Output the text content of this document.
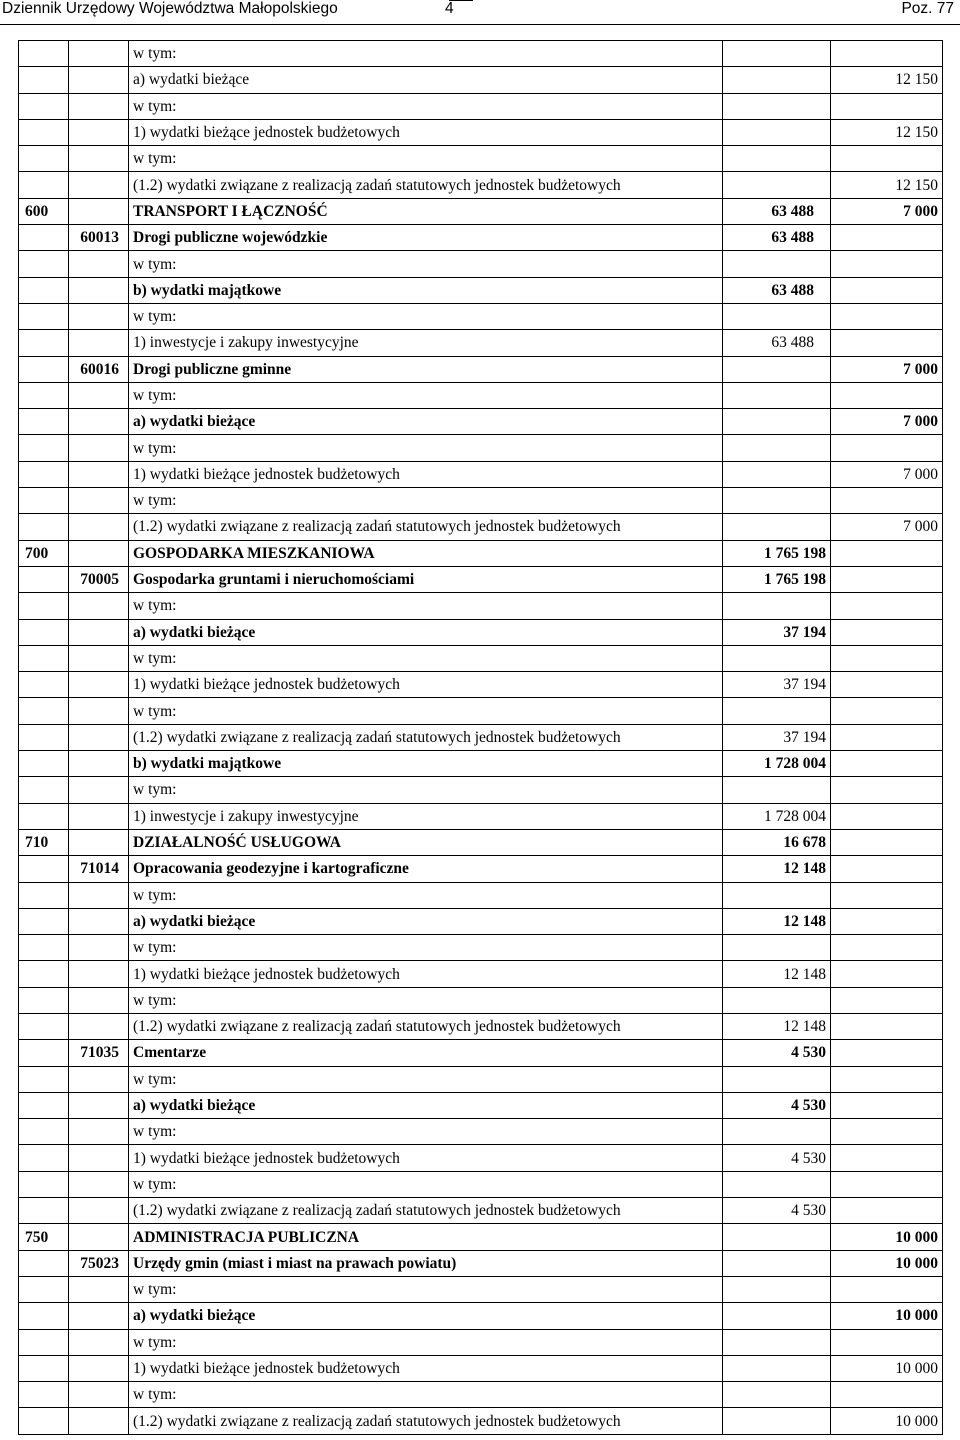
Dziennik Urzędowy Województwa Małopolskiego	4	Poz. 77
		w tym:			
		a) wydatki bieżące			12 150
		w tym:			
		1) wydatki bieżące jednostek budżetowych			12 150
		w tym:			
		(1.2) wydatki związane z realizacją zadań statutowych jednostek budżetowych			12 150
600		TRANSPORT I ŁĄCZNOŚĆ	63 488		7 000
	60013	Drogi publiczne wojewódzkie	63 488		
		w tym:			
		b) wydatki majątkowe	63 488		
		w tym:			
		1) inwestycje i zakupy inwestycyjne	63 488		
	60016	Drogi publiczne gminne			7 000
		w tym:			
		a) wydatki bieżące			7 000
		w tym:			
		1) wydatki bieżące jednostek budżetowych			7 000
		w tym:			
		(1.2) wydatki związane z realizacją zadań statutowych jednostek budżetowych			7 000
700		GOSPODARKA MIESZKANIOWA	1 765 198		
	70005	Gospodarka gruntami i nieruchomościami	1 765 198		
		w tym:			
		a) wydatki bieżące	37 194		
		w tym:			
		1) wydatki bieżące jednostek budżetowych	37 194		
		w tym:			
		(1.2) wydatki związane z realizacją zadań statutowych jednostek budżetowych	37 194		
		b) wydatki majątkowe	1 728 004		
		w tym:			
		1) inwestycje i zakupy inwestycyjne	1 728 004		
710		DZIAŁALNOŚĆ USŁUGOWA	16 678		
	71014	Opracowania geodezyjne i kartograficzne	12 148		
		w tym:			
		a) wydatki bieżące	12 148		
		w tym:			
		1) wydatki bieżące jednostek budżetowych	12 148		
		w tym:			
		(1.2) wydatki związane z realizacją zadań statutowych jednostek budżetowych	12 148		
	71035	Cmentarze	4 530		
		w tym:			
		a) wydatki bieżące	4 530		
		w tym:			
		1) wydatki bieżące jednostek budżetowych	4 530		
		w tym:			
		(1.2) wydatki związane z realizacją zadań statutowych jednostek budżetowych	4 530		
750		ADMINISTRACJA PUBLICZNA			10 000
	75023	Urzędy gmin (miast i miast na prawach powiatu)			10 000
		w tym:			
		a) wydatki bieżące			10 000
		w tym:			
		1) wydatki bieżące jednostek budżetowych			10 000
		w tym:			
		(1.2) wydatki związane z realizacją zadań statutowych jednostek budżetowych			10 000
